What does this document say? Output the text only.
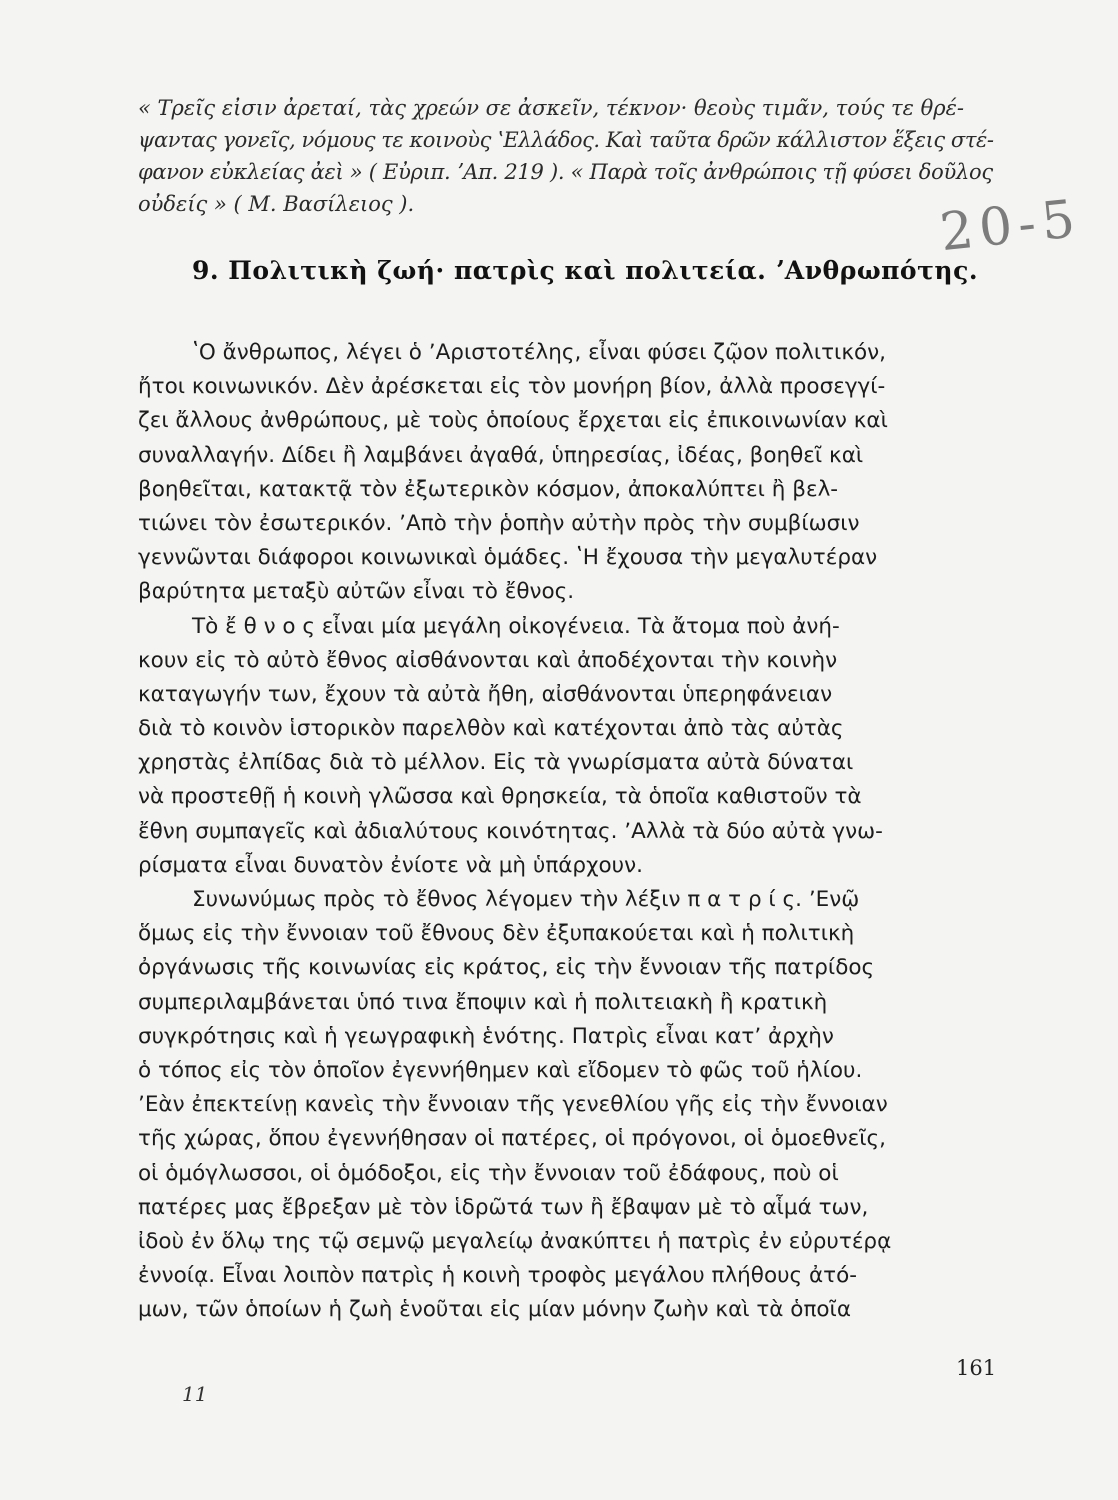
« Τρεῖς εἰσιν ἀρεταί, τὰς χρεών σε ἀσκεῖν, τέκνον· θεοὺς τιμᾶν, τούς τε θρέ-
ψαντας γονεῖς, νόμους τε κοινοὺς ʽΕλλάδος. Καὶ ταῦτα δρῶν κάλλιστον ἕξεις στέ-
φανον εὐκλείας ἀεὶ » ( Εὐριπ. ʼΑπ. 219 ). « Παρὰ τοῖς ἀνθρώποις τῇ φύσει δοῦλος
οὐδείς » ( Μ. Βασίλειος ).	20-5
9. Πολιτικὴ ζωή· πατρὶς καὶ πολιτεία. ʼΑνθρωπότης.
ʽΟ ἄνθρωπος, λέγει ὁ ʼΑριστοτέλης, εἶναι φύσει ζῷον πολιτικόν,
ἤτοι κοινωνικόν. Δὲν ἀρέσκεται εἰς τὸν μονήρη βίον, ἀλλὰ προσεγγί-
ζει ἄλλους ἀνθρώπους, μὲ τοὺς ὁποίους ἔρχεται εἰς ἐπικοινωνίαν καὶ
συναλλαγήν. Δίδει ἢ λαμβάνει ἀγαθά, ὑπηρεσίας, ἰδέας, βοηθεῖ καὶ
βοηθεῖται, κατακτᾷ τὸν ἐξωτερικὸν κόσμον, ἀποκαλύπτει ἢ βελ-
τιώνει τὸν ἐσωτερικόν. ʼΑπὸ τὴν ῥοπὴν αὐτὴν πρὸς τὴν συμβίωσιν
γεννῶνται διάφοροι κοινωνικαὶ ὁμάδες. ʽΗ ἔχουσα τὴν μεγαλυτέραν
βαρύτητα μεταξὺ αὐτῶν εἶναι τὸ ἔθνος.
Τὸ ἔ θ ν ο ς εἶναι μία μεγάλη οἰκογένεια. Τὰ ἄτομα ποὺ ἀνή-
κουν εἰς τὸ αὐτὸ ἔθνος αἰσθάνονται καὶ ἀποδέχονται τὴν κοινὴν
καταγωγήν των, ἔχουν τὰ αὐτὰ ἤθη, αἰσθάνονται ὑπερηφάνειαν
διὰ τὸ κοινὸν ἱστορικὸν παρελθὸν καὶ κατέχονται ἀπὸ τὰς αὐτὰς
χρηστὰς ἐλπίδας διὰ τὸ μέλλον. Εἰς τὰ γνωρίσματα αὐτὰ δύναται
νὰ προστεθῇ ἡ κοινὴ γλῶσσα καὶ θρησκεία, τὰ ὁποῖα καθιστοῦν τὰ
ἔθνη συμπαγεῖς καὶ ἀδιαλύτους κοινότητας. ʼΑλλὰ τὰ δύο αὐτὰ γνω-
ρίσματα εἶναι δυνατὸν ἐνίοτε νὰ μὴ ὑπάρχουν.
Συνωνύμως πρὸς τὸ ἔθνος λέγομεν τὴν λέξιν π α τ ρ ί ς. ʼΕνῷ
ὅμως εἰς τὴν ἔννοιαν τοῦ ἔθνους δὲν ἐξυπακούεται καὶ ἡ πολιτικὴ
ὀργάνωσις τῆς κοινωνίας εἰς κράτος, εἰς τὴν ἔννοιαν τῆς πατρίδος
συμπεριλαμβάνεται ὑπό τινα ἔποψιν καὶ ἡ πολιτειακὴ ἢ κρατικὴ
συγκρότησις καὶ ἡ γεωγραφικὴ ἑνότης. Πατρὶς εἶναι κατʼ ἀρχὴν
ὁ τόπος εἰς τὸν ὁποῖον ἐγεννήθημεν καὶ εἴδομεν τὸ φῶς τοῦ ἡλίου.
ʼΕὰν ἐπεκτείνῃ κανεὶς τὴν ἔννοιαν τῆς γενεθλίου γῆς εἰς τὴν ἔννοιαν
τῆς χώρας, ὅπου ἐγεννήθησαν οἱ πατέρες, οἱ πρόγονοι, οἱ ὁμοεθνεῖς,
οἱ ὁμόγλωσσοι, οἱ ὁμόδοξοι, εἰς τὴν ἔννοιαν τοῦ ἐδάφους, ποὺ οἱ
πατέρες μας ἔβρεξαν μὲ τὸν ἱδρῶτά των ἢ ἔβαψαν μὲ τὸ αἷμά των,
ἰδοὺ ἐν ὅλῳ της τῷ σεμνῷ μεγαλείῳ ἀνακύπτει ἡ πατρὶς ἐν εὐρυτέρᾳ
ἐννοίᾳ. Εἶναι λοιπὸν πατρὶς ἡ κοινὴ τροφὸς μεγάλου πλήθους ἀτό-
μων, τῶν ὁποίων ἡ ζωὴ ἑνοῦται εἰς μίαν μόνην ζωὴν καὶ τὰ ὁποῖα
11
161
